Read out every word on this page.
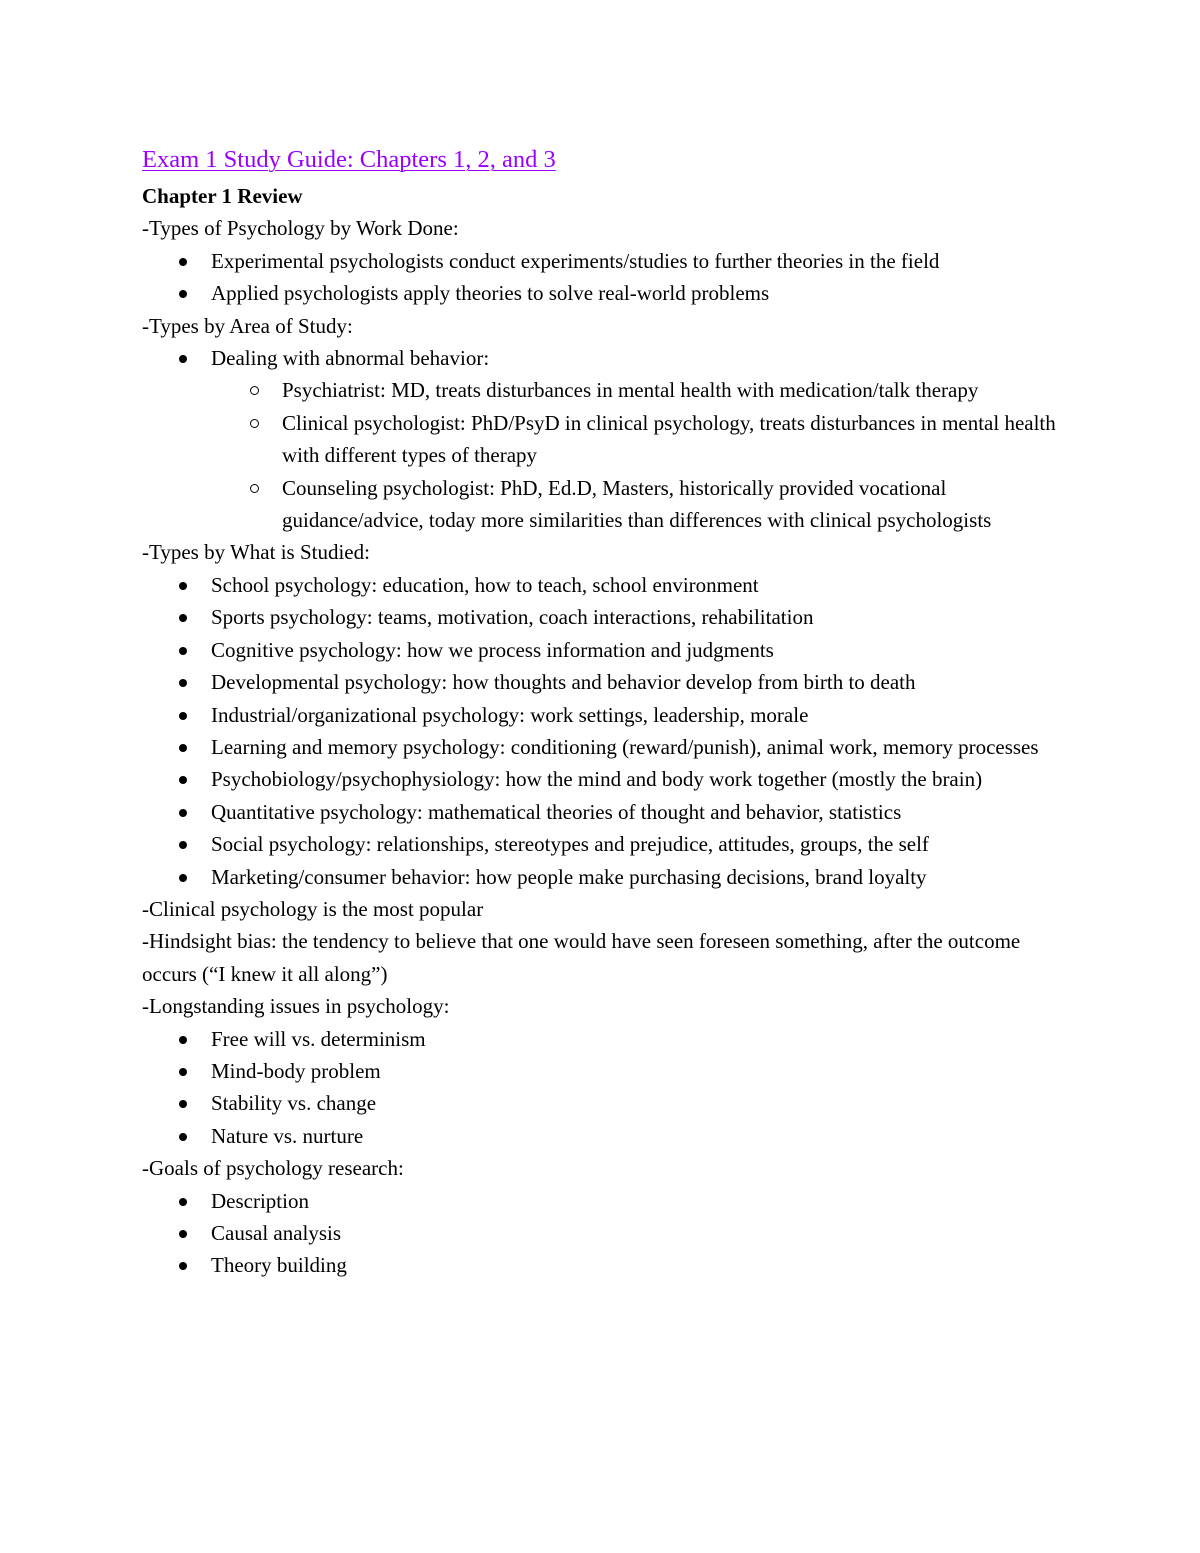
Exam 1 Study Guide: Chapters 1, 2, and 3
Chapter 1 Review
-Types of Psychology by Work Done:
Experimental psychologists conduct experiments/studies to further theories in the field
Applied psychologists apply theories to solve real-world problems
-Types by Area of Study:
Dealing with abnormal behavior:
Psychiatrist: MD, treats disturbances in mental health with medication/talk therapy
Clinical psychologist: PhD/PsyD in clinical psychology, treats disturbances in mental health with different types of therapy
Counseling psychologist: PhD, Ed.D, Masters, historically provided vocational guidance/advice, today more similarities than differences with clinical psychologists
-Types by What is Studied:
School psychology: education, how to teach, school environment
Sports psychology: teams, motivation, coach interactions, rehabilitation
Cognitive psychology: how we process information and judgments
Developmental psychology: how thoughts and behavior develop from birth to death
Industrial/organizational psychology: work settings, leadership, morale
Learning and memory psychology: conditioning (reward/punish), animal work, memory processes
Psychobiology/psychophysiology: how the mind and body work together (mostly the brain)
Quantitative psychology: mathematical theories of thought and behavior, statistics
Social psychology: relationships, stereotypes and prejudice, attitudes, groups, the self
Marketing/consumer behavior: how people make purchasing decisions, brand loyalty
-Clinical psychology is the most popular
-Hindsight bias: the tendency to believe that one would have seen foreseen something, after the outcome occurs (“I knew it all along”)
-Longstanding issues in psychology:
Free will vs. determinism
Mind-body problem
Stability vs. change
Nature vs. nurture
-Goals of psychology research:
Description
Causal analysis
Theory building
